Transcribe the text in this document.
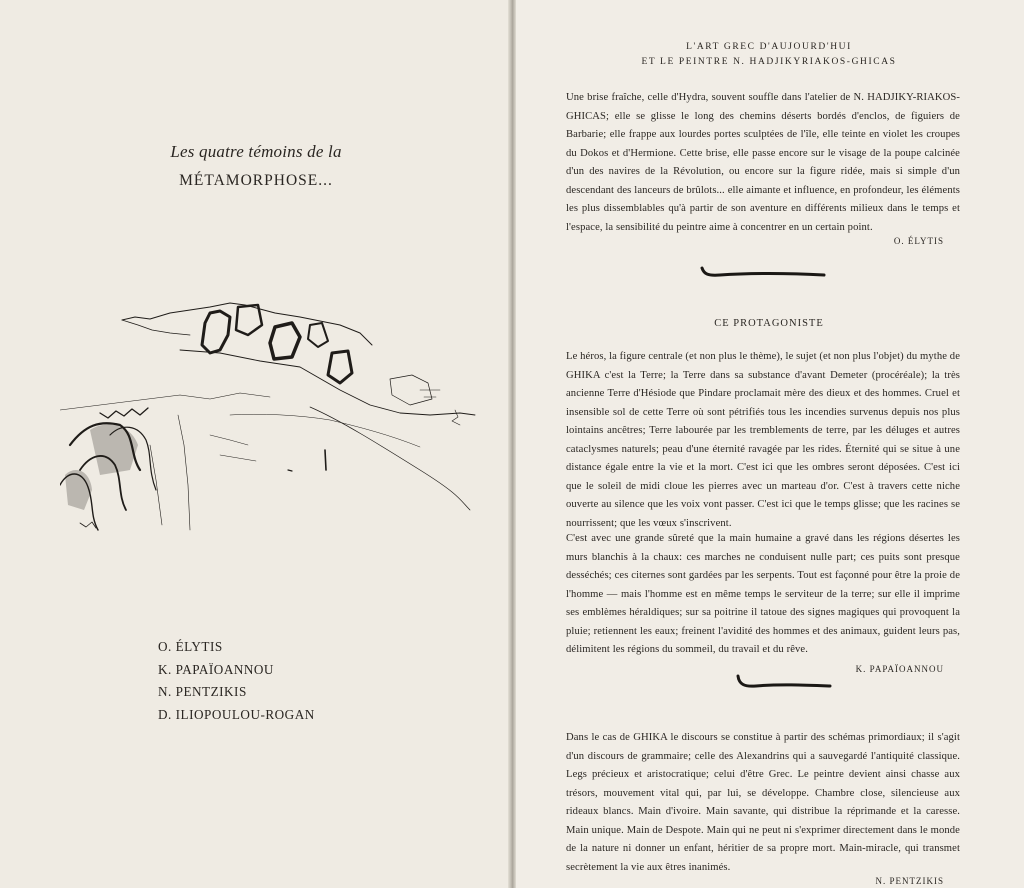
Les quatre témoins de la
MÉTAMORPHOSE...
O. ÉLYTIS
K. PAPAÏOANNOU
N. PENTZIKIS
D. ILIOPOULOU-ROGAN
L'ART GREC D'AUJOURD'HUI
ET LE PEINTRE N. HADJIKYRIAKOS-GHICAS

Une brise fraîche, celle d'Hydra, souvent souffle dans l'atelier de N. HADJIKY-RIAKOS-GHICAS; elle se glisse le long des chemins déserts bordés d'enclos, de figuiers de Barbarie; elle frappe aux lourdes portes sculptées de l'île, elle teinte en violet les croupes du Dokos et d'Hermione. Cette brise, elle passe encore sur le visage de la poupe calcinée d'un des navires de la Révolution, ou encore sur la figure ridée, mais si simple d'un descendant des lanceurs de brûlots... elle aimante et influence, en profondeur, les éléments les plus dissemblables qu'à partir de son aventure en différents milieux dans le temps et l'espace, la sensibilité du peintre aime à concentrer en un certain point.

O. ÉLYTIS
CE PROTAGONISTE

Le héros, la figure centrale (et non plus le thème), le sujet (et non plus l'objet) du mythe de GHIKA c'est la Terre; la Terre dans sa substance d'avant Demeter (procéréale); la très ancienne Terre d'Hésiode que Pindare proclamait mère des dieux et des hommes. Cruel et insensible sol de cette Terre où sont pétrifiés tous les incendies survenus depuis nos plus lointains ancêtres; Terre labourée par les tremblements de terre, par les déluges et autres cataclysmes naturels; peau d'une éternité ravagée par les rides. Éternité qui se situe à une distance égale entre la vie et la mort. C'est ici que les ombres seront déposées. C'est ici que le soleil de midi cloue les pierres avec un marteau d'or. C'est à travers cette niche ouverte au silence que les voix vont passer. C'est ici que le temps glisse; que les racines se nourrissent; que les vœux s'inscrivent.

C'est avec une grande sûreté que la main humaine a gravé dans les régions désertes les murs blanchis à la chaux: ces marches ne conduisent nulle part; ces puits sont presque desséchés; ces citernes sont gardées par les serpents. Tout est façonné pour être la proie de l'homme — mais l'homme est en même temps le serviteur de la terre; sur elle il imprime ses emblèmes héraldiques; sur sa poitrine il tatoue des signes magiques qui provoquent la pluie; retiennent les eaux; freinent l'avidité des hommes et des animaux, guident leurs pas, délimitent les régions du sommeil, du travail et du rêve.

K. PAPAÏOANNOU

Dans le cas de GHIKA le discours se constitue à partir des schémas primordiaux; il s'agit d'un discours de grammaire; celle des Alexandrins qui a sauvegardé l'antiquité classique. Legs précieux et aristocratique; celui d'être Grec. Le peintre devient ainsi chasse aux trésors, mouvement vital qui, par lui, se développe. Chambre close, silencieuse aux rideaux blancs. Main d'ivoire. Main savante, qui distribue la réprimande et la caresse. Main unique. Main de Despote. Main qui ne peut ni s'exprimer directement dans le monde de la nature ni donner un enfant, héritier de sa propre mort. Main-miracle, qui transmet secrètement la vie aux êtres inanimés.

N. PENTZIKIS
